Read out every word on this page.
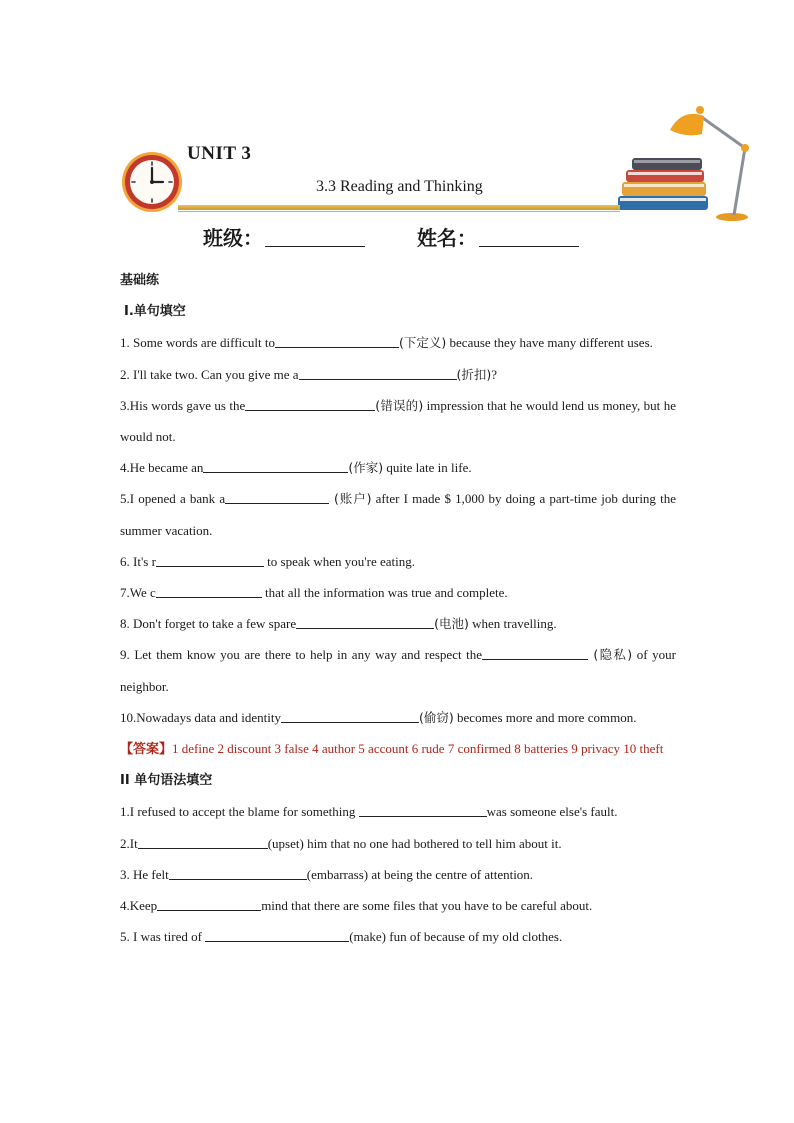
UNIT 3
3.3 Reading and Thinking
班级：	姓名：
基础练
Ⅰ.单句填空
1. Some words are difficult to	(下定义) because they have many different uses.
2. I'll take two. Can you give me a	(折扣)?
3.His words gave us the	(错误的) impression that he would lend us money, but he would not.
4.He became an	(作家) quite late in life.
5.I opened a bank a	(账户) after I made $ 1,000 by doing a part-time job during the summer vacation.
6. It's r	to speak when you're eating.
7.We c	that all the information was true and complete.
8. Don't forget to take a few spare	(电池) when travelling.
9. Let them know you are there to help in any way and respect the	(隐私) of your neighbor.
10.Nowadays data and identity	(偷窃) becomes more and more common.
【答案】1 define 2 discount 3 false 4 author 5 account 6 rude 7 confirmed 8 batteries 9 privacy 10 theft
II 单句语法填空
1.I refused to accept the blame for something	was someone else's fault.
2.It	(upset) him that no one had bothered to tell him about it.
3. He felt	(embarrass) at being the centre of attention.
4.Keep	mind that there are some files that you have to be careful about.
5. I was tired of	(make) fun of because of my old clothes.
